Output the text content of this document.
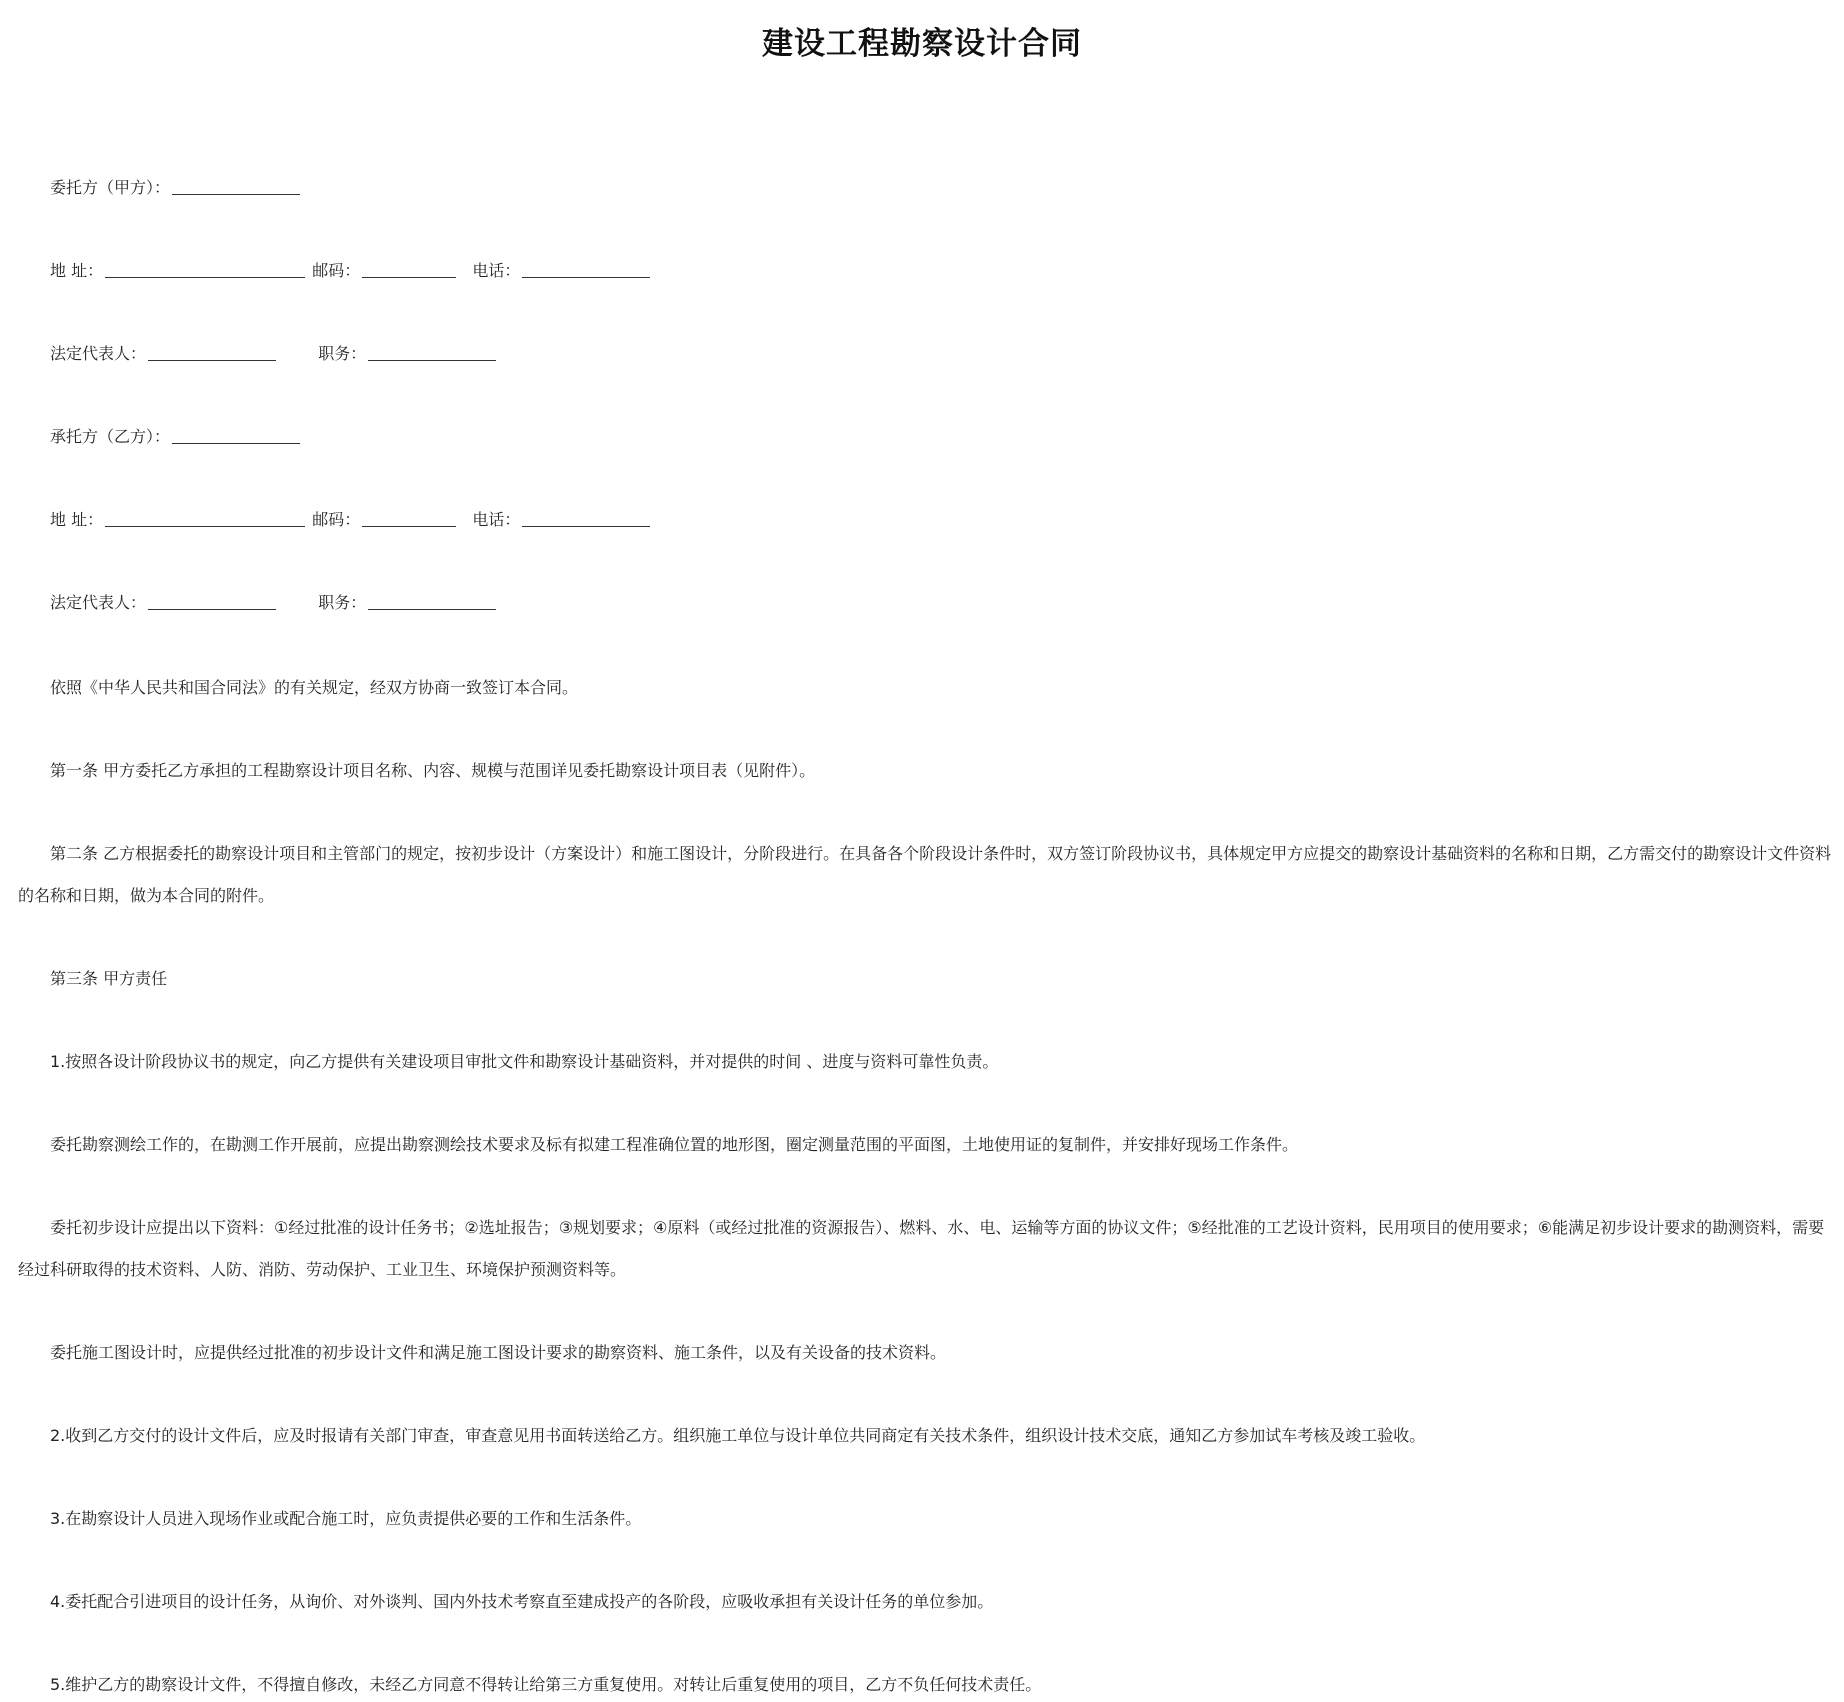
建设工程勘察设计合同
委托方（甲方）：
地 址：	邮码：	电话：
法定代表人：	职务：
承托方（乙方）：
地 址：	邮码：	电话：
法定代表人：	职务：
依照《中华人民共和国合同法》的有关规定，经双方协商一致签订本合同。
第一条 甲方委托乙方承担的工程勘察设计项目名称、内容、规模与范围详见委托勘察设计项目表（见附件）。
第二条 乙方根据委托的勘察设计项目和主管部门的规定，按初步设计（方案设计）和施工图设计，分阶段进行。在具备各个阶段设计条件时，双方签订阶段协议书，具体规定甲方应提交的勘察设计基础资料的名称和日期，乙方需交付的勘察设计文件资料的名称和日期，做为本合同的附件。
第三条 甲方责任
1.按照各设计阶段协议书的规定，向乙方提供有关建设项目审批文件和勘察设计基础资料，并对提供的时间 、进度与资料可靠性负责。
委托勘察测绘工作的，在勘测工作开展前，应提出勘察测绘技术要求及标有拟建工程准确位置的地形图，圈定测量范围的平面图，土地使用证的复制件，并安排好现场工作条件。
委托初步设计应提出以下资料：①经过批准的设计任务书；②选址报告；③规划要求；④原料（或经过批准的资源报告）、燃料、水、电、运输等方面的协议文件；⑤经批准的工艺设计资料，民用项目的使用要求；⑥能满足初步设计要求的勘测资料，需要经过科研取得的技术资料、人防、消防、劳动保护、工业卫生、环境保护预测资料等。
委托施工图设计时，应提供经过批准的初步设计文件和满足施工图设计要求的勘察资料、施工条件，以及有关设备的技术资料。
2.收到乙方交付的设计文件后，应及时报请有关部门审查，审查意见用书面转送给乙方。组织施工单位与设计单位共同商定有关技术条件，组织设计技术交底，通知乙方参加试车考核及竣工验收。
3.在勘察设计人员进入现场作业或配合施工时，应负责提供必要的工作和生活条件。
4.委托配合引进项目的设计任务，从询价、对外谈判、国内外技术考察直至建成投产的各阶段，应吸收承担有关设计任务的单位参加。
5.维护乙方的勘察设计文件，不得擅自修改，未经乙方同意不得转让给第三方重复使用。对转让后重复使用的项目，乙方不负任何技术责任。
